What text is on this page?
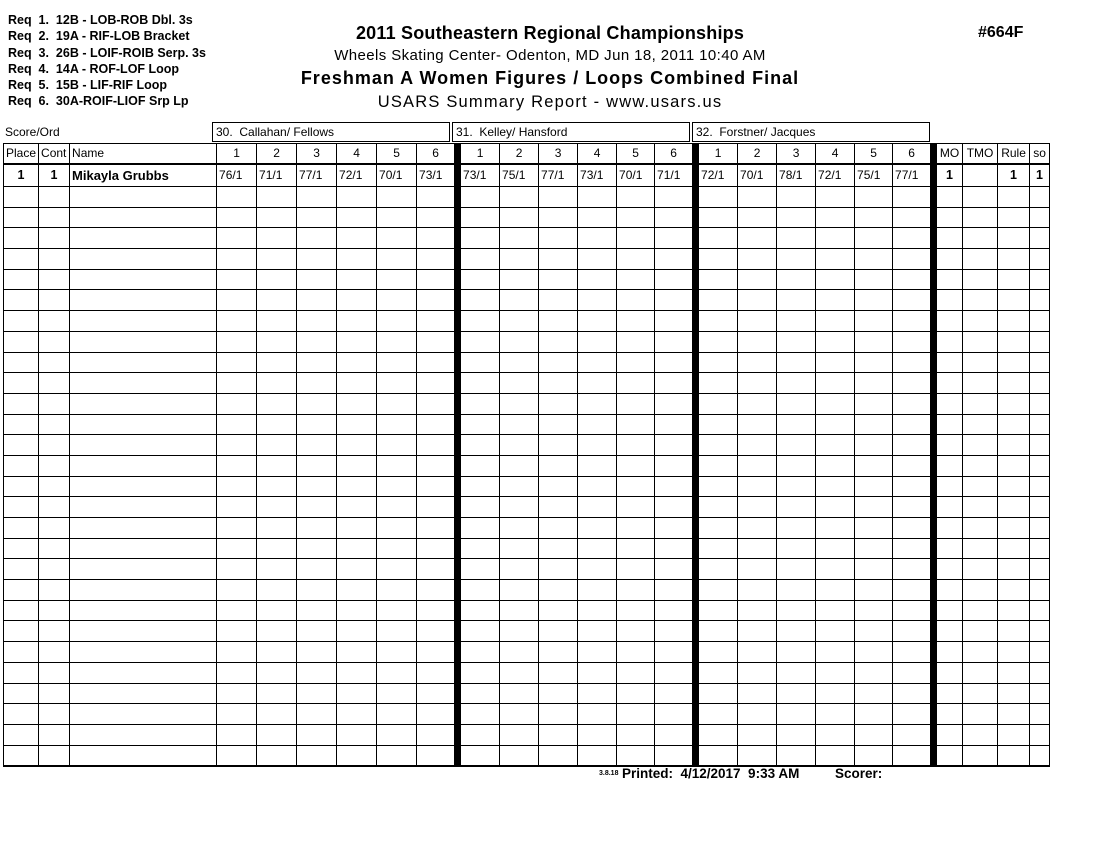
Req  1.  12B - LOB-ROB Dbl. 3s
Req  2.  19A - RIF-LOB Bracket
Req  3.  26B - LOIF-ROIB Serp. 3s
Req  4.  14A - ROF-LOF Loop
Req  5.  15B - LIF-RIF Loop
Req  6.  30A-ROIF-LIOF Srp Lp
2011 Southeastern Regional Championships
Wheels Skating Center- Odenton, MD Jun 18, 2011 10:40 AM
Freshman A Women Figures / Loops Combined Final
USARS Summary Report - www.usars.us
#664F
Score/Ord	30.  Callahan/ Fellows	31.  Kelley/ Hansford	32.  Forstner/ Jacques
Place	Cont	Name	1	2	3	4	5	6		1	2	3	4	5	6		1	2	3	4	5	6		MO	TMO	Rule	so
1	1	Mikayla Grubbs	76/1	71/1	77/1	72/1	70/1	73/1		73/1	75/1	77/1	73/1	70/1	71/1		72/1	70/1	78/1	72/1	75/1	77/1		1		1	1

3.8.18 Printed:  4/12/2017  9:33 AM	Scorer:
